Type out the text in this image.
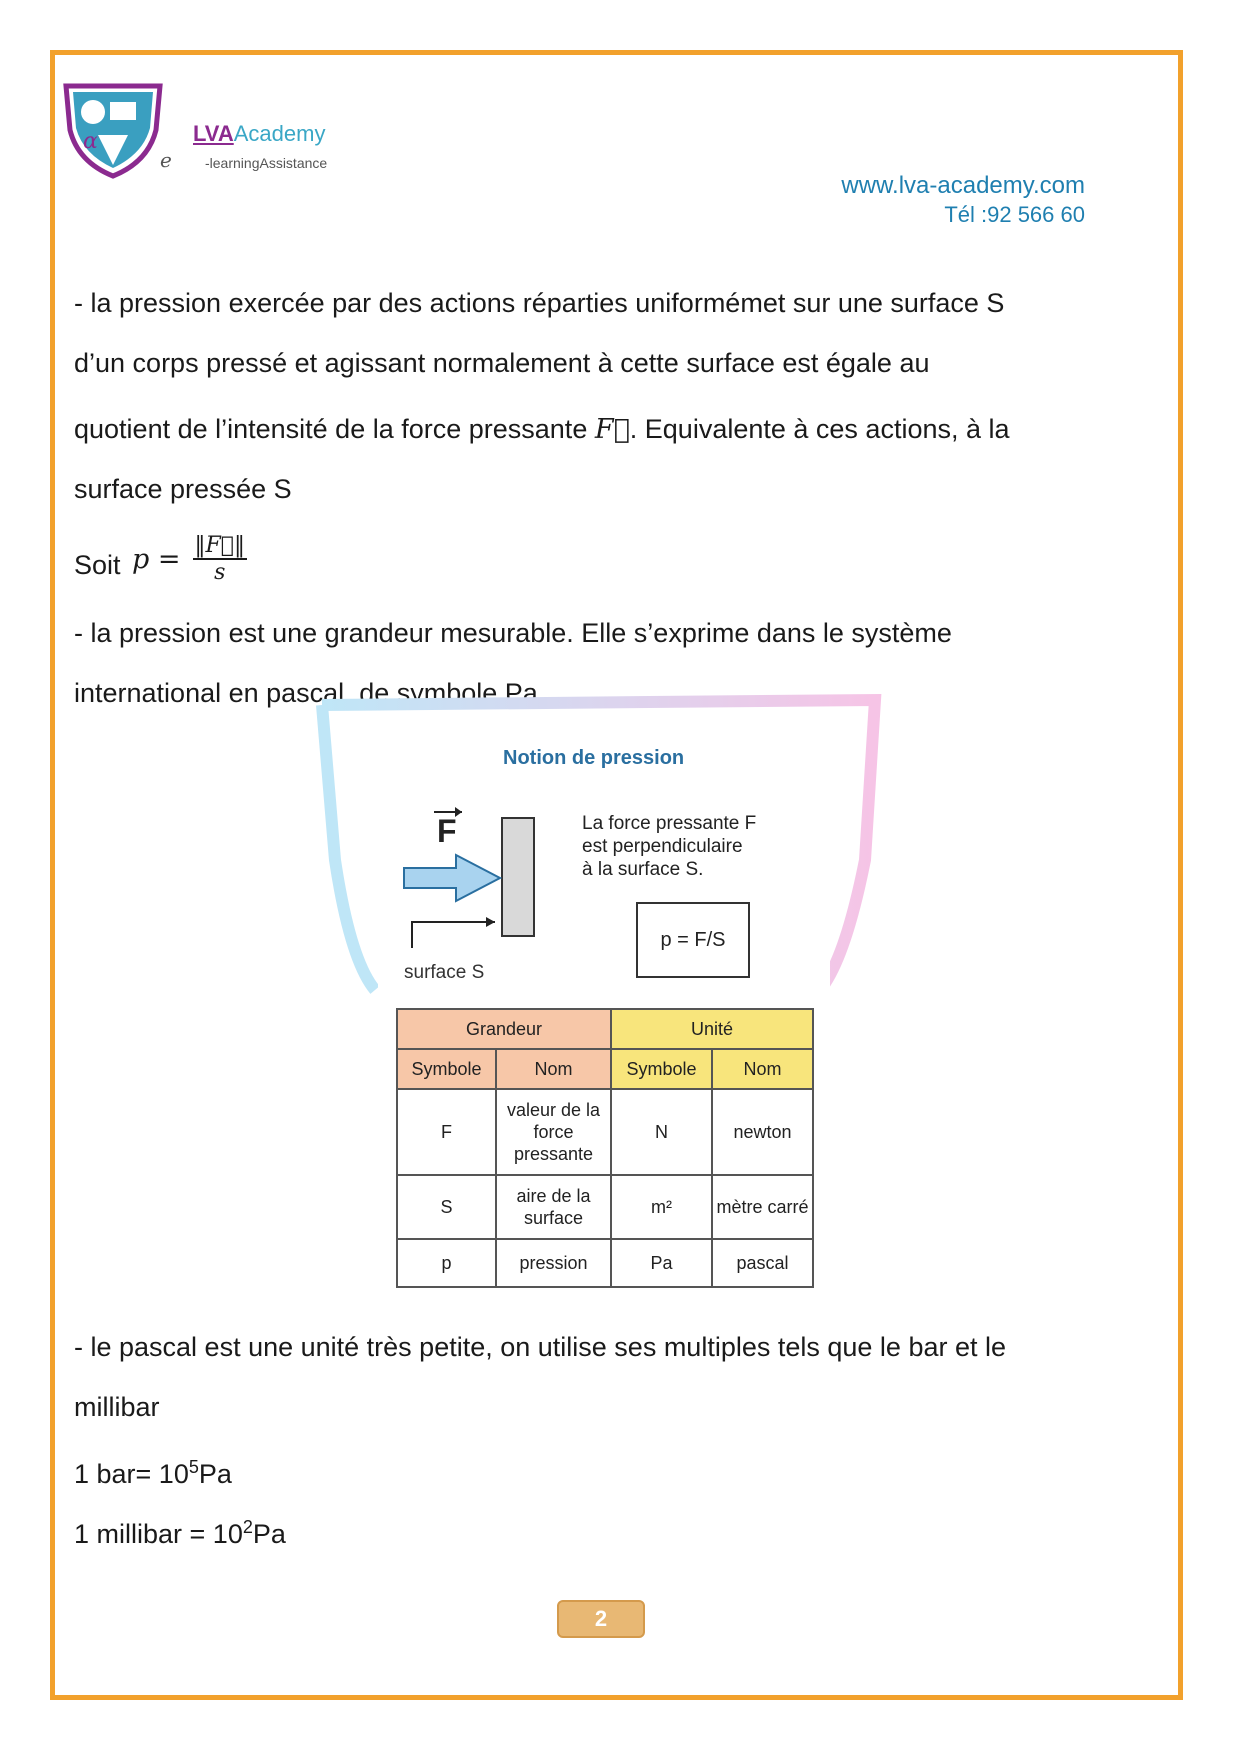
α	LVAAcademy
e -learningAssistance
www.lva-academy.com
Tél :92 566 60
- la pression exercée par des actions réparties uniformémet sur une surface S
d’un corps pressé et agissant normalement à cette surface est égale au
quotient de l’intensité de la force pressante F⃗. Equivalente à ces actions, à la
surface pressée S
Soit $p = \frac{‖F⃗‖}{s}$
- la pression est une grandeur mesurable. Elle s’exprime dans le système
international en pascal, de symbole Pa
Notion de pression
F	La force pressante F
est perpendiculaire
à la surface S.
p = F/S
surface S
Grandeur		Unité	
Symbole	Nom	Symbole	Nom
F	valeur de la force pressante	N	newton
S	aire de la surface	m²	mètre carré
p	pression	Pa	pascal
- le pascal est une unité très petite, on utilise ses multiples tels que le bar et le
millibar
1 $bar= 10^5Pa$
1 millibar = $10^2Pa$
2
